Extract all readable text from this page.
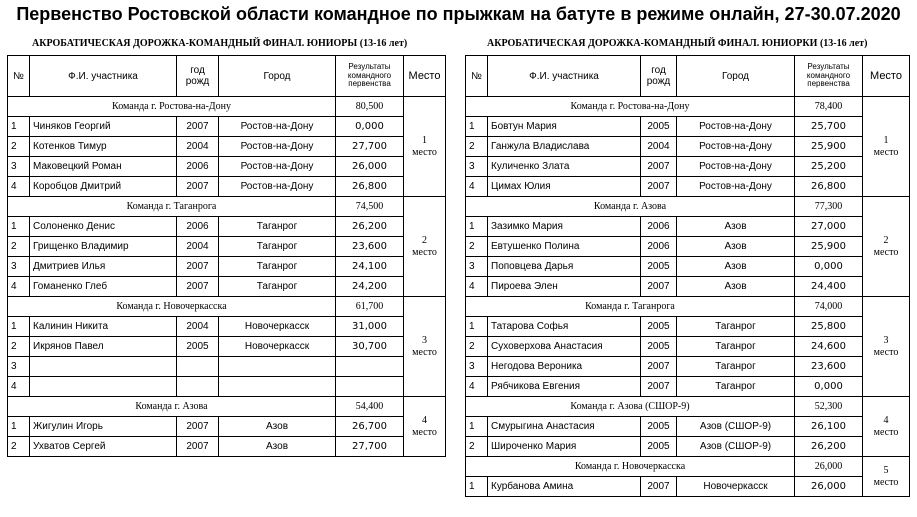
Первенство Ростовской области командное по прыжкам на батуте в режиме онлайн, 27-30.07.2020
АКРОБАТИЧЕСКАЯ ДОРОЖКА-КОМАНДНЫЙ ФИНАЛ. ЮНИОРЫ (13-16 лет)	АКРОБАТИЧЕСКАЯ ДОРОЖКА-КОМАНДНЫЙ ФИНАЛ. ЮНИОРКИ (13-16 лет)
№	Ф.И. участника	год рожд	Город	Результаты командного первенства	Место
Команда г. Ростова-на-Дону				80,500	1
место

1	Чиняков Георгий	2007	Ростов-на-Дону	0,000	
2	Котенков Тимур	2004	Ростов-на-Дону	27,700	
3	Маковецкий Роман	2006	Ростов-на-Дону	26,000	
4	Коробцов Дмитрий	2007	Ростов-на-Дону	26,800	
Команда г. Таганрога				74,500	2
место

1	Солоненко Денис	2006	Таганрог	26,200	
2	Грищенко Владимир	2004	Таганрог	23,600	
3	Дмитриев Илья	2007	Таганрог	24,100	
4	Гоманенко Глеб	2007	Таганрог	24,200	
Команда г. Новочеркасска				61,700	3
место

1	Калинин Никита	2004	Новочеркасск	31,000	
2	Икрянов Павел	2005	Новочеркасск	30,700	
3					
4					
Команда г. Азова				54,400	4
место

1	Жигулин Игорь	2007	Азов	26,700	
2	Ухватов Сергей	2007	Азов	27,700	
№	Ф.И. участника	год рожд	Город	Результаты командного первенства	Место
Команда г. Ростова-на-Дону				78,400	1
место

1	Бовтун Мария	2005	Ростов-на-Дону	25,700	
2	Ганжула Владислава	2004	Ростов-на-Дону	25,900	
3	Куличенко Злата	2007	Ростов-на-Дону	25,200	
4	Цимах Юлия	2007	Ростов-на-Дону	26,800	
Команда г. Азова				77,300	2
место

1	Зазимко Мария	2006	Азов	27,000	
2	Евтушенко Полина	2006	Азов	25,900	
3	Поповцева Дарья	2005	Азов	0,000	
4	Пироева Элен	2007	Азов	24,400	
Команда г. Таганрога				74,000	3
место

1	Татарова Софья	2005	Таганрог	25,800	
2	Суховерхова Анастасия	2005	Таганрог	24,600	
3	Негодова Вероника	2007	Таганрог	23,600	
4	Рябчикова Евгения	2007	Таганрог	0,000	
Команда г. Азова (СШОР-9)				52,300	4
место

1	Смурыгина Анастасия	2005	Азов (СШОР-9)	26,100	
2	Широченко Мария	2005	Азов (СШОР-9)	26,200	
Команда г. Новочеркасска				26,000	5
место

1	Курбанова Амина	2007	Новочеркасск	26,000	
